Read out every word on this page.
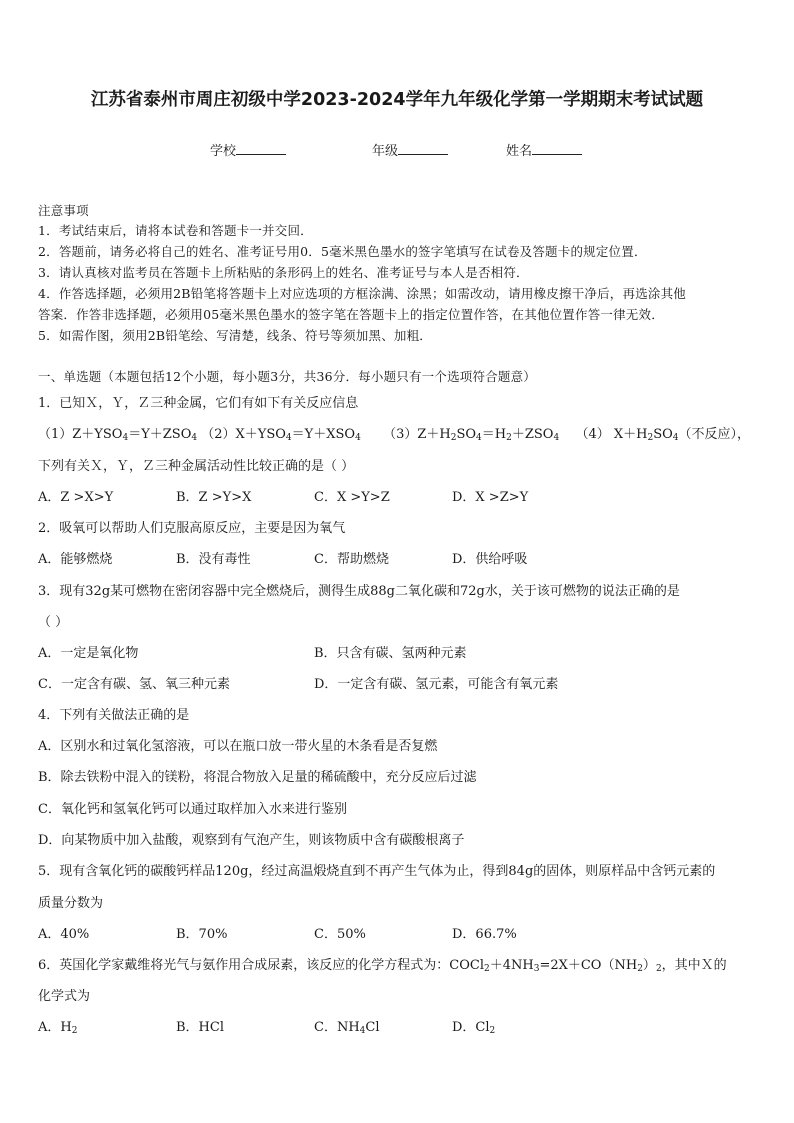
江苏省泰州市周庄初级中学2023-2024学年九年级化学第一学期期末考试试题
学校	年级	姓名
注意事项
1．考试结束后，请将本试卷和答题卡一并交回．
2．答题前，请务必将自己的姓名、准考证号用0．5毫米黑色墨水的签字笔填写在试卷及答题卡的规定位置．
3．请认真核对监考员在答题卡上所粘贴的条形码上的姓名、准考证号与本人是否相符．
4．作答选择题，必须用2B铅笔将答题卡上对应选项的方框涂满、涂黑；如需改动，请用橡皮擦干净后，再选涂其他
答案．作答非选择题，必须用05毫米黑色墨水的签字笔在答题卡上的指定位置作答，在其他位置作答一律无效．
5．如需作图，须用2B铅笔绘、写清楚，线条、符号等须加黑、加粗．
一、单选题（本题包括12个小题，每小题3分，共36分．每小题只有一个选项符合题意）
1．已知Ｘ，Ｙ，Ｚ三种金属，它们有如下有关反应信息
$(1)Z+YSO_4=Y+ZSO_4$ $(2)X+YSO_4=Y+XSO_4$ $(3)Z+H_2SO_4=H_2+ZSO_4$ （4） $X+H_2SO_4$（不反应），
下列有关Ｘ，Ｙ，Ｚ三种金属活动性比较正确的是（ ）
A．Z >X>Y	B．Z >Y>X	C．X >Y>Z	D．X >Z>Y
2．吸氧可以帮助人们克服高原反应，主要是因为氧气
A．能够燃烧	B．没有毒性	C．帮助燃烧	D．供给呼吸
3．现有32g某可燃物在密闭容器中完全燃烧后，测得生成88g二氧化碳和72g水，关于该可燃物的说法正确的是
（ ）
A．一定是氧化物	B．只含有碳、氢两种元素
C．一定含有碳、氢、氧三种元素	D．一定含有碳、氢元素，可能含有氧元素
4．下列有关做法正确的是
A．区别水和过氧化氢溶液，可以在瓶口放一带火星的木条看是否复燃
B．除去铁粉中混入的镁粉，将混合物放入足量的稀硫酸中，充分反应后过滤
C．氧化钙和氢氧化钙可以通过取样加入水来进行鉴别
D．向某物质中加入盐酸，观察到有气泡产生，则该物质中含有碳酸根离子
5．现有含氧化钙的碳酸钙样品120g，经过高温煅烧直到不再产生气体为止，得到84g的固体，则原样品中含钙元素的
质量分数为
A．40%	B．70%	C．50%	D．66.7%
6．英国化学家戴维将光气与氨作用合成尿素，该反应的化学方程式为：$COCl_2+4NH_3=2X+CO(NH_2)_2$，其中Ｘ的
化学式为
A．$H_2$	B．HCl	C．$NH_4Cl$	D．$Cl_2$
